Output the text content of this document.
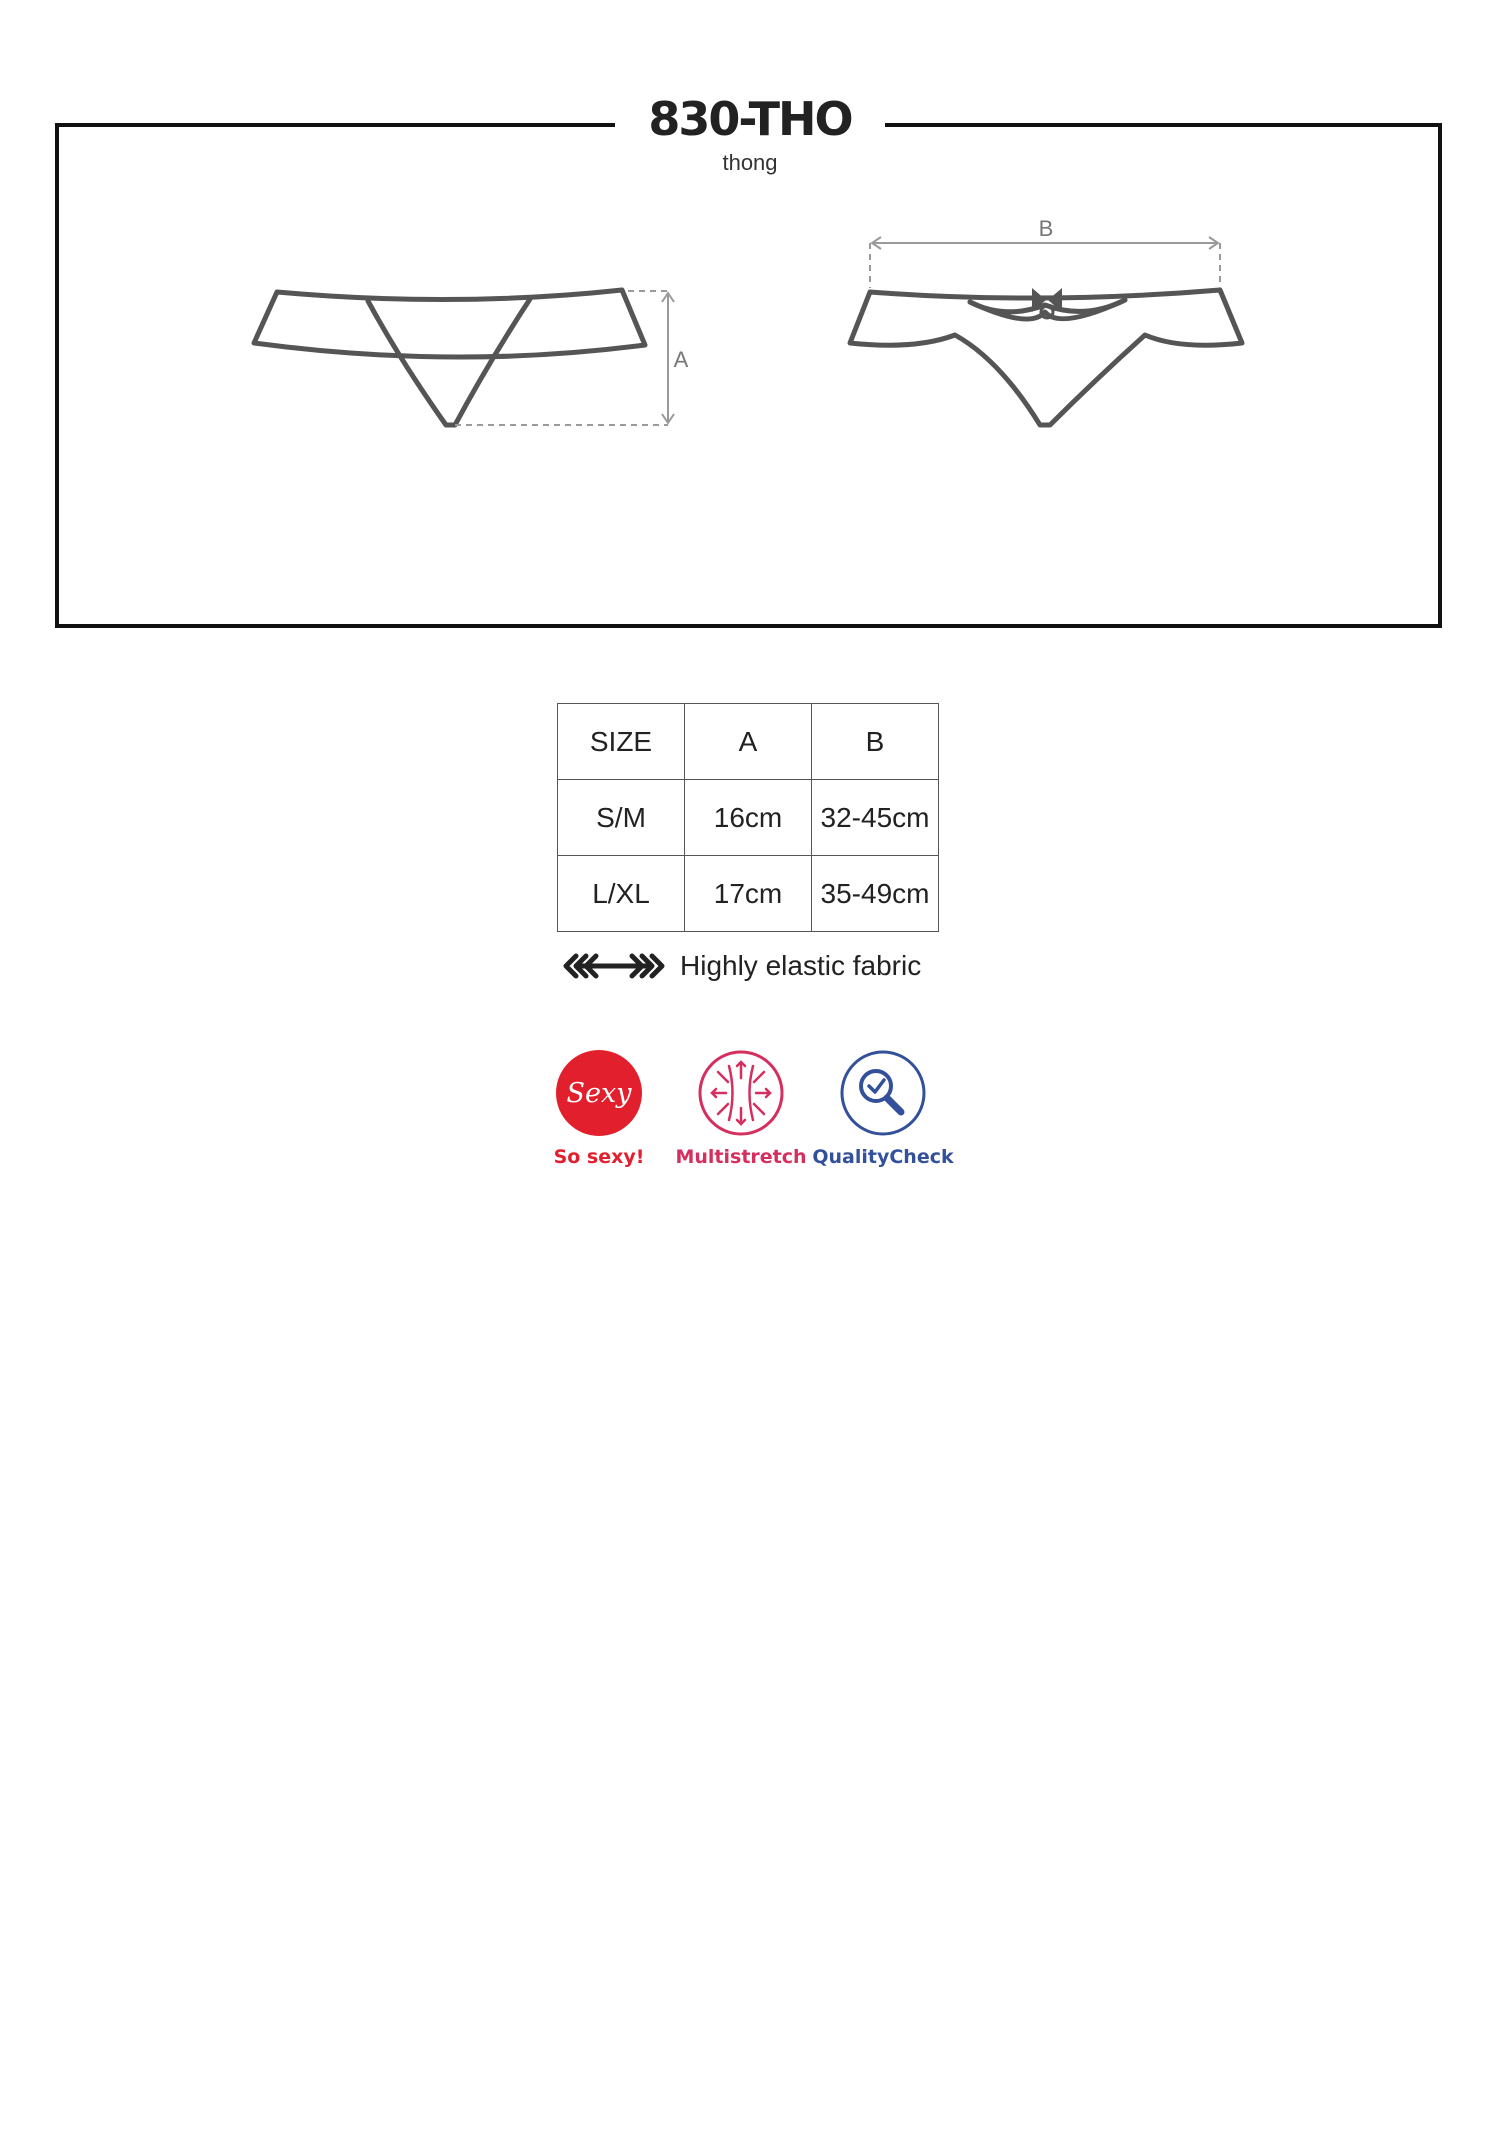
830-THO
thong
A
B
SIZE	A	B
S/M	16cm	32-45cm
L/XL	17cm	35-49cm
Highly elastic fabric
Sexy
So sexy!	Multistretch QualityCheck
